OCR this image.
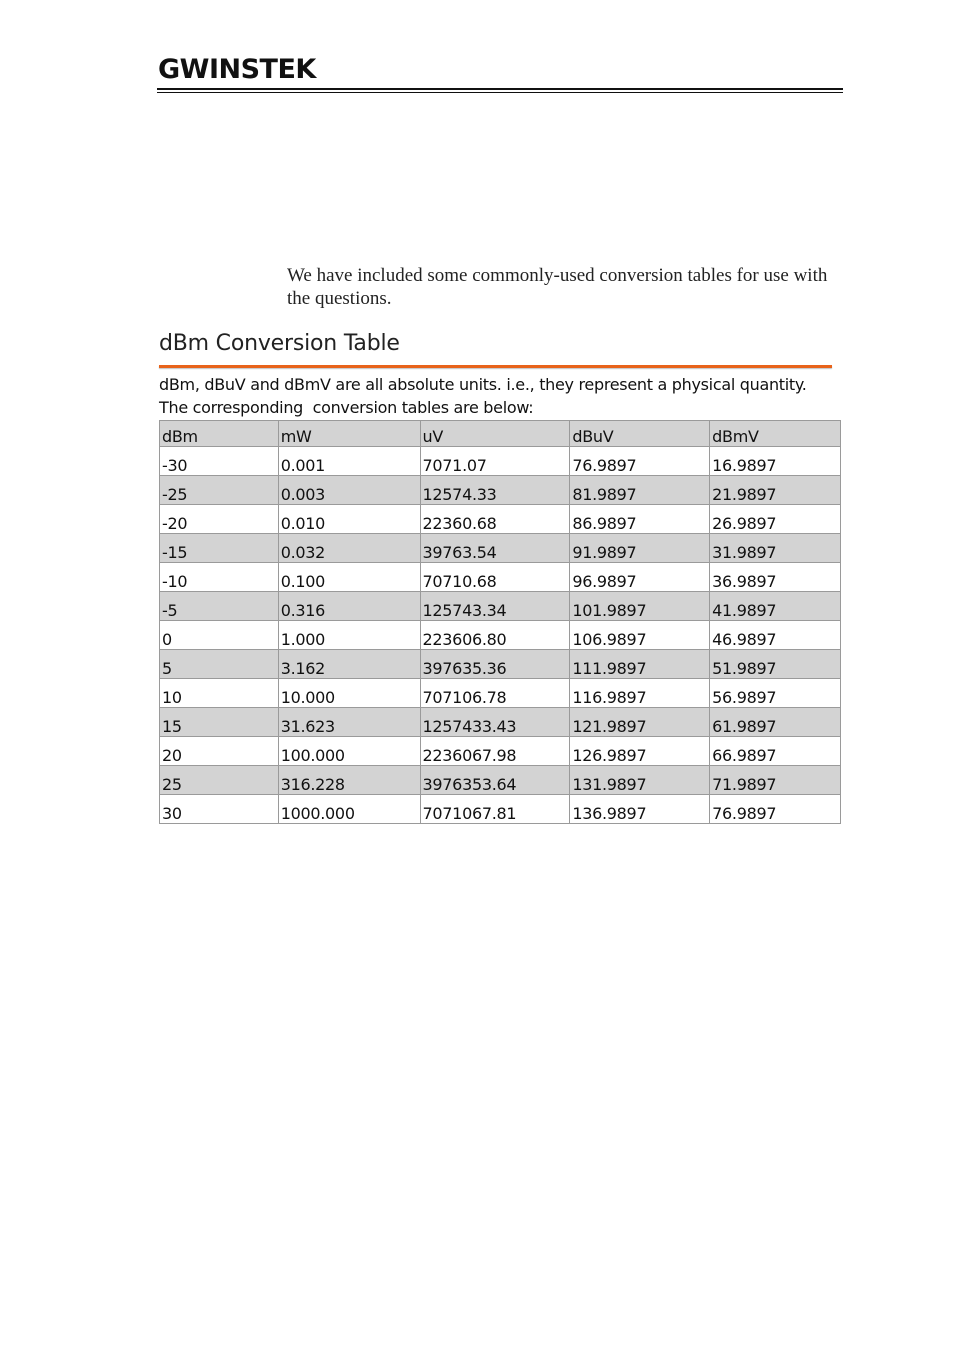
GWINSTEK
We have included some commonly-used conversion tables for use with the questions.
dBm Conversion Table

dBm, dBuV and dBmV are all absolute units. i.e., they represent a physical quantity.

The corresponding  conversion tables are below:

dBm	mW	uV	dBuV	dBmV
-30	0.001	7071.07	76.9897	16.9897
-25	0.003	12574.33	81.9897	21.9897
-20	0.010	22360.68	86.9897	26.9897
-15	0.032	39763.54	91.9897	31.9897
-10	0.100	70710.68	96.9897	36.9897
-5	0.316	125743.34	101.9897	41.9897
0	1.000	223606.80	106.9897	46.9897
5	3.162	397635.36	111.9897	51.9897
10	10.000	707106.78	116.9897	56.9897
15	31.623	1257433.43	121.9897	61.9897
20	100.000	2236067.98	126.9897	66.9897
25	316.228	3976353.64	131.9897	71.9897
30	1000.000	7071067.81	136.9897	76.9897
